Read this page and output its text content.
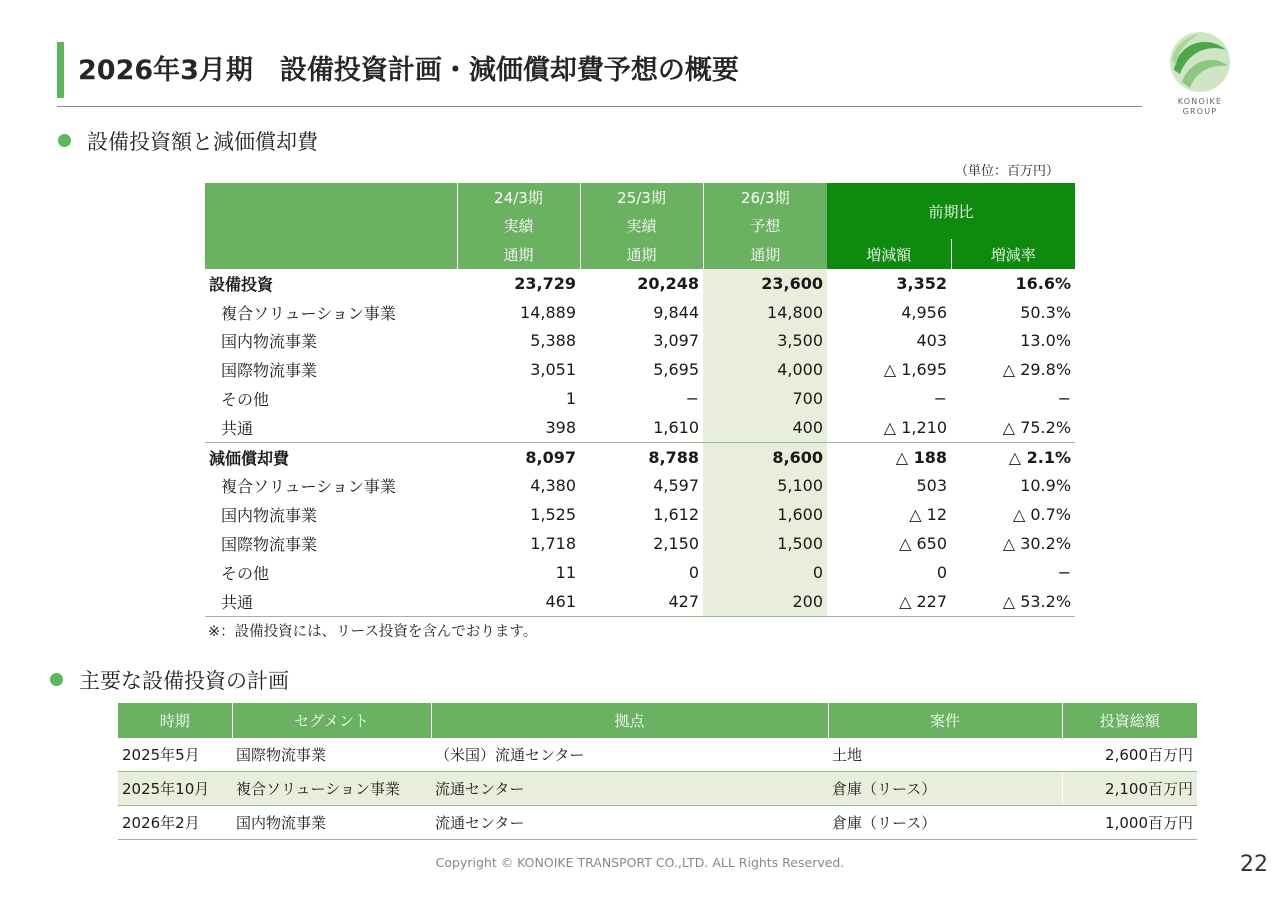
2026年3月期　設備投資計画・減価償却費予想の概要
KONOIKE
GROUP
設備投資額と減価償却費
（単位：百万円）
	24/3期	25/3期	26/3期	前期比	
	実績	実績	予想		
	通期	通期	通期	増減額	増減率
設備投資	23,729	20,248	23,600	3,352	16.6%
複合ソリューション事業	14,889	9,844	14,800	4,956	50.3%
国内物流事業	5,388	3,097	3,500	403	13.0%
国際物流事業	3,051	5,695	4,000	△ 1,695	△ 29.8%
その他	1	−	700	−	−
共通	398	1,610	400	△ 1,210	△ 75.2%
減価償却費	8,097	8,788	8,600	△ 188	△ 2.1%
複合ソリューション事業	4,380	4,597	5,100	503	10.9%
国内物流事業	1,525	1,612	1,600	△ 12	△ 0.7%
国際物流事業	1,718	2,150	1,500	△ 650	△ 30.2%
その他	11	0	0	0	−
共通	461	427	200	△ 227	△ 53.2%
※：設備投資には、リース投資を含んでおります。
主要な設備投資の計画
時期	セグメント	拠点	案件	投資総額
2025年5月	国際物流事業	（米国）流通センター	土地	2,600百万円
2025年10月	複合ソリューション事業	流通センター	倉庫（リース）	2,100百万円
2026年2月	国内物流事業	流通センター	倉庫（リース）	1,000百万円
Copyright © KONOIKE TRANSPORT CO.,LTD. ALL Rights Reserved.	22
